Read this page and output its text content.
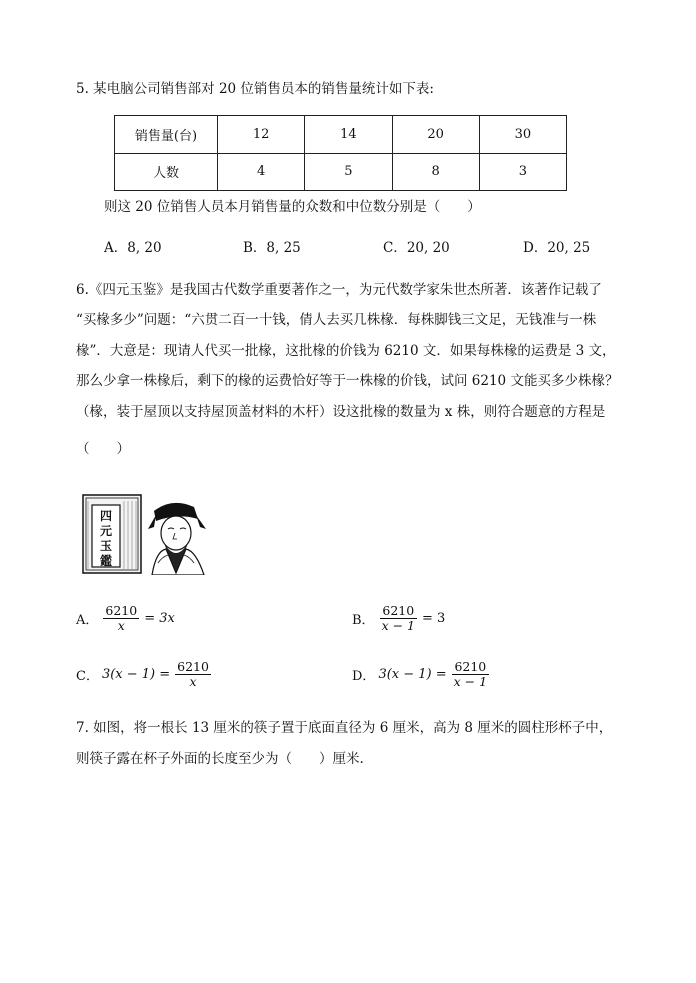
5. 某电脑公司销售部对 20 位销售员本的销售量统计如下表:
销售量(台)	12	14	20	30
人数	4	5	8	3
则这 20 位销售人员本月销售量的众数和中位数分别是（　　）
A．8, 20	B．8, 25	C．20, 20	D．20, 25
6.《四元玉鉴》是我国古代数学重要著作之一，为元代数学家朱世杰所著．该著作记载了
“买椽多少”问题：“六贯二百一十钱，倩人去买几株椽．每株脚钱三文足，无钱准与一株
椽”．大意是：现请人代买一批椽，这批椽的价钱为 6210 文．如果每株椽的运费是 3 文，
那么少拿一株椽后，剩下的椽的运费恰好等于一株椽的价钱，试问 6210 文能买多少株椽？
（椽，装于屋顶以支持屋顶盖材料的木杆）设这批椽的数量为 x 株，则符合题意的方程是
（　　）
四
元
玉
鑑
A． $\frac{6210}{x} = 3x$	B． $\frac{6210}{x - 1} = 3$
C． $3(x - 1) = \frac{6210}{x}$	D． $3(x - 1) = \frac{6210}{x - 1}$
7. 如图，将一根长 13 厘米的筷子置于底面直径为 6 厘米，高为 8 厘米的圆柱形杯子中，
则筷子露在杯子外面的长度至少为（　　）厘米.
